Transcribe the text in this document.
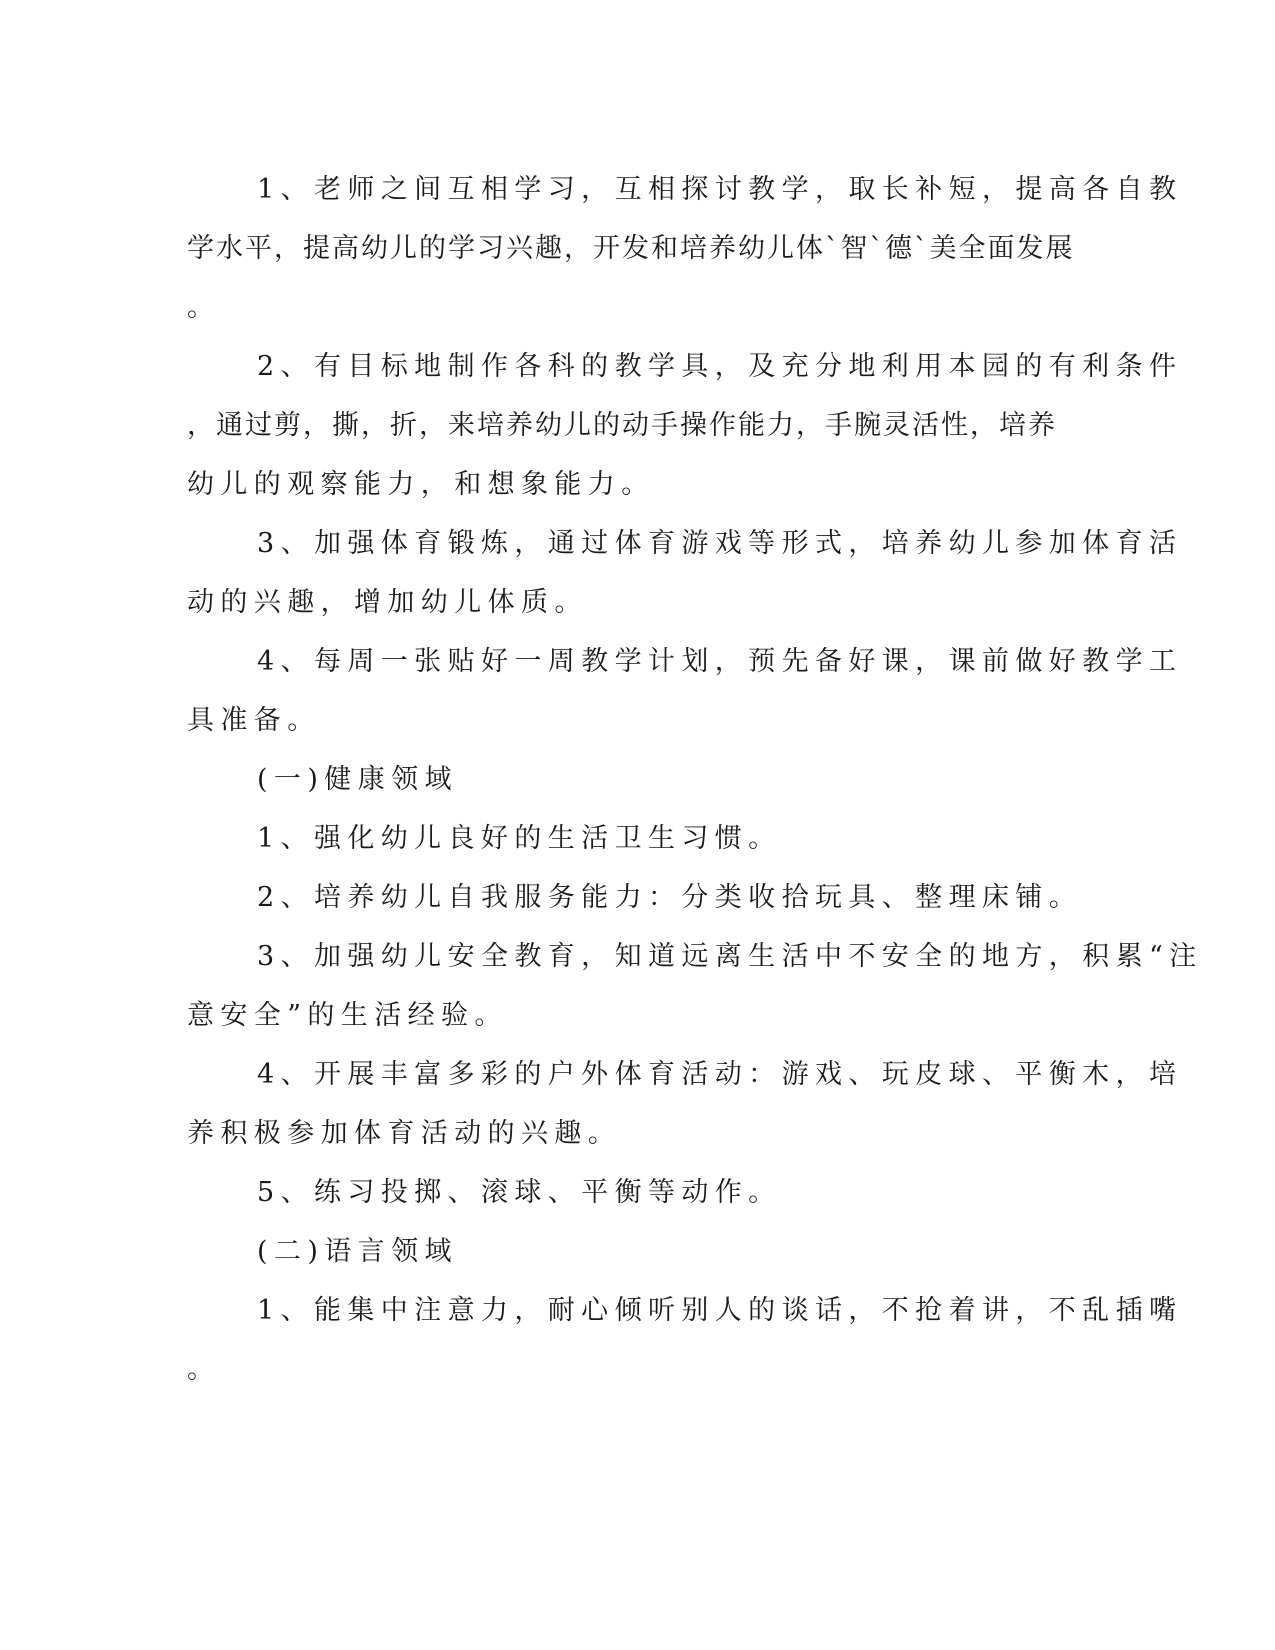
1、老师之间互相学习，互相探讨教学，取长补短，提高各自教
学水平，提高幼儿的学习兴趣，开发和培养幼儿体`智`德`美全面发展
。
2、有目标地制作各科的教学具，及充分地利用本园的有利条件
，通过剪，撕，折，来培养幼儿的动手操作能力，手腕灵活性，培养
幼儿的观察能力，和想象能力。
3、加强体育锻炼，通过体育游戏等形式，培养幼儿参加体育活
动的兴趣，增加幼儿体质。
4、每周一张贴好一周教学计划，预先备好课，课前做好教学工
具准备。
(一)健康领域
1、强化幼儿良好的生活卫生习惯。
2、培养幼儿自我服务能力：分类收拾玩具、整理床铺。
3、加强幼儿安全教育，知道远离生活中不安全的地方，积累“注
意安全”的生活经验。
4、开展丰富多彩的户外体育活动：游戏、玩皮球、平衡木，培
养积极参加体育活动的兴趣。
5、练习投掷、滚球、平衡等动作。
(二)语言领域
1、能集中注意力，耐心倾听别人的谈话，不抢着讲，不乱插嘴
。
